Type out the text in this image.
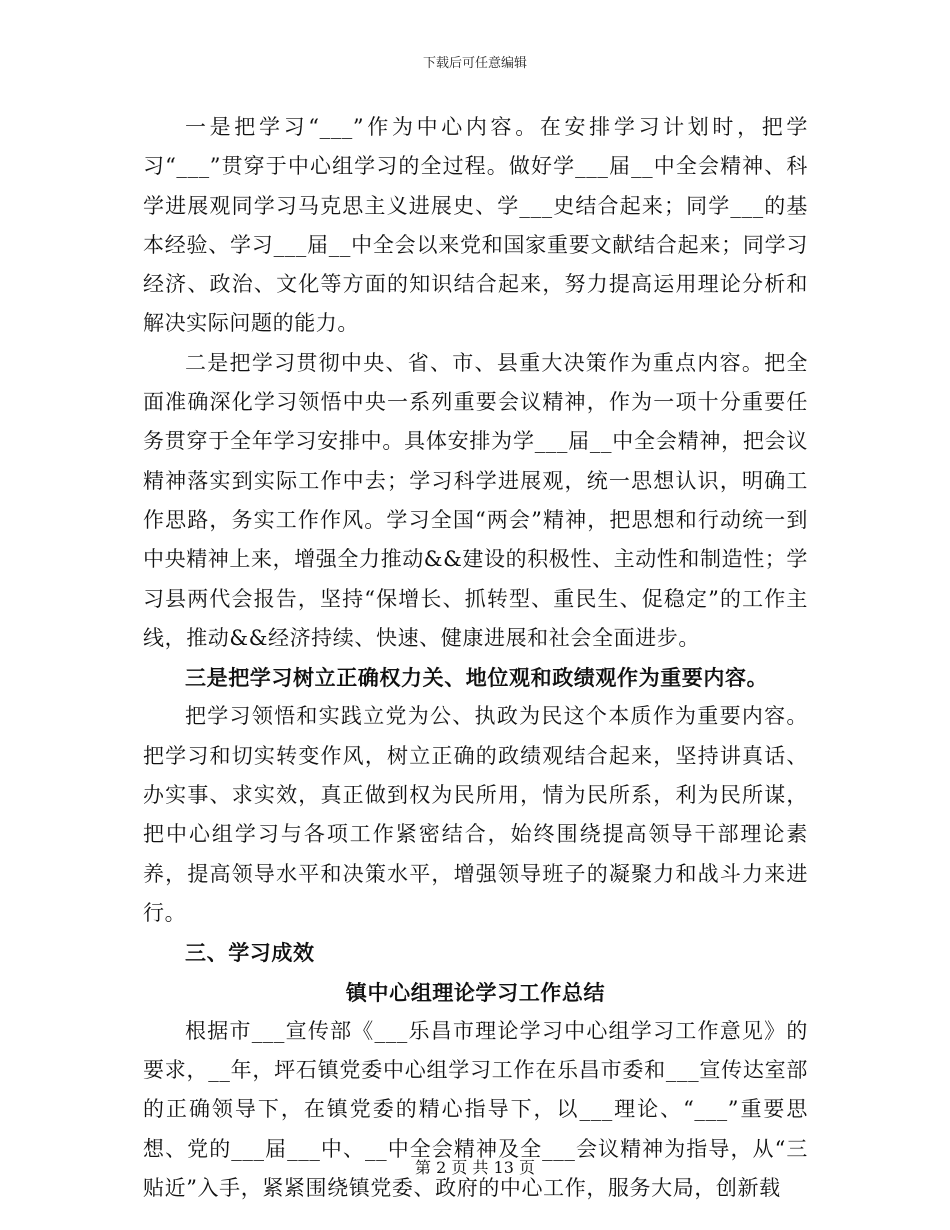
下载后可任意编辑

一是把学习“___”作为中心内容。在安排学习计划时，把学习“___”贯穿于中心组学习的全过程。做好学___届__中全会精神、科学进展观同学习马克思主义进展史、学___史结合起来；同学___的基本经验、学习___届__中全会以来党和国家重要文献结合起来；同学习经济、政治、文化等方面的知识结合起来，努力提高运用理论分析和解决实际问题的能力。

二是把学习贯彻中央、省、市、县重大决策作为重点内容。把全面准确深化学习领悟中央一系列重要会议精神，作为一项十分重要任务贯穿于全年学习安排中。具体安排为学___届__中全会精神，把会议精神落实到实际工作中去；学习科学进展观，统一思想认识，明确工作思路，务实工作作风。学习全国“两会”精神，把思想和行动统一到中央精神上来，增强全力推动&&建设的积极性、主动性和制造性；学习县两代会报告，坚持“保增长、抓转型、重民生、促稳定”的工作主线，推动&&经济持续、快速、健康进展和社会全面进步。

三是把学习树立正确权力关、地位观和政绩观作为重要内容。

把学习领悟和实践立党为公、执政为民这个本质作为重要内容。把学习和切实转变作风，树立正确的政绩观结合起来，坚持讲真话、办实事、求实效，真正做到权为民所用，情为民所系，利为民所谋，把中心组学习与各项工作紧密结合，始终围绕提高领导干部理论素养，提高领导水平和决策水平，增强领导班子的凝聚力和战斗力来进行。

三、学习成效

镇中心组理论学习工作总结

根据市___宣传部《___乐昌市理论学习中心组学习工作意见》的要求，__年，坪石镇党委中心组学习工作在乐昌市委和___宣传达室部的正确领导下，在镇党委的精心指导下，以___理论、“___”重要思想、党的___届___中、__中全会精神及全___会议精神为指导，从“三贴近”入手，紧紧围绕镇党委、政府的中心工作，服务大局，创新载

第 2 页 共 13 页
